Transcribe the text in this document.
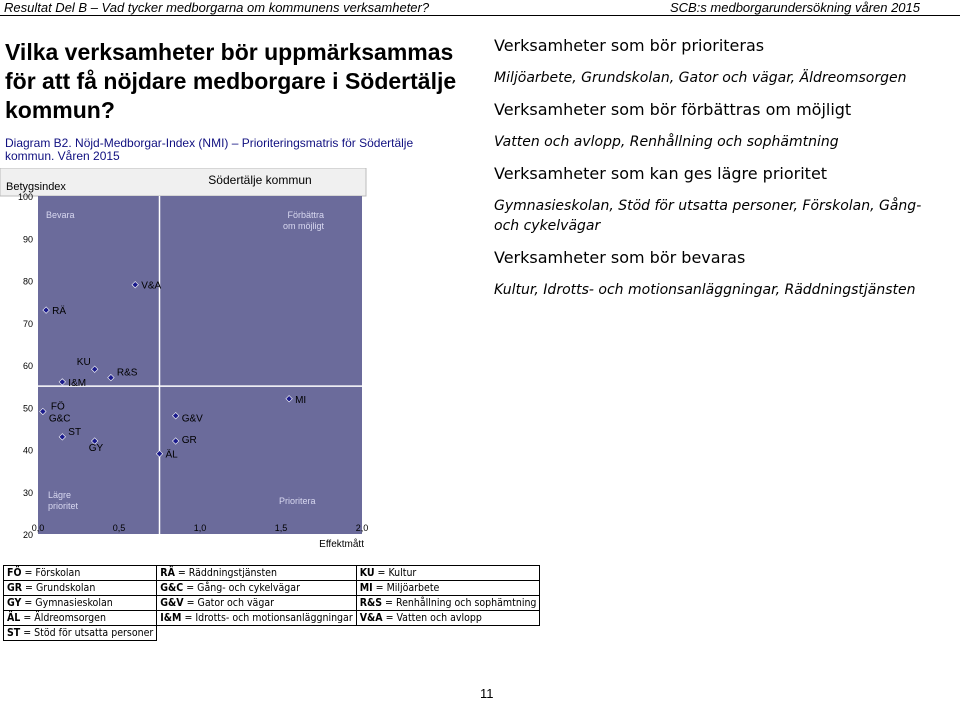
Resultat Del B – Vad tycker medborgarna om kommunens verksamheter?	SCB:s medborgarundersökning våren 2015
Vilka verksamheter bör uppmärksammas för att få nöjdare medborgare i Södertälje kommun?
Diagram B2. Nöjd-Medborgar-Index (NMI) – Prioriteringsmatris för Södertälje
kommun. Våren 2015
Betygsindex	Södertälje kommun
Bevara	Förbättra
om möjligt
Lägre
prioritet	Prioritera
100
90
80
70
60
50
40
30
20
0,0	0,5	1,0	1,5	2,0
Effektmått
V&A
RÄ
KU
I&M
R&S
MI
FÖ
G&C	G&V
ST
GY
GR
ÄL
Verksamheter som bör prioriteras
Miljöarbete, Grundskolan, Gator och vägar, Äldreomsorgen
Verksamheter som bör förbättras om möjligt
Vatten och avlopp, Renhållning och sophämtning
Verksamheter som kan ges lägre prioritet
Gymnasieskolan, Stöd för utsatta personer, Förskolan, Gång- och cykelvägar
Verksamheter som bör bevaras
Kultur, Idrotts- och motionsanläggningar, Räddningstjänsten
FÖ = Förskolan	RÄ = Räddningstjänsten	KU = Kultur
GR = Grundskolan	G&C = Gång- och cykelvägar	MI = Miljöarbete
GY = Gymnasieskolan	G&V = Gator och vägar	R&S = Renhållning och sophämtning
ÄL = Äldreomsorgen	I&M = Idrotts- och motionsanläggningar	V&A = Vatten och avlopp
ST = Stöd för utsatta personer		
11
